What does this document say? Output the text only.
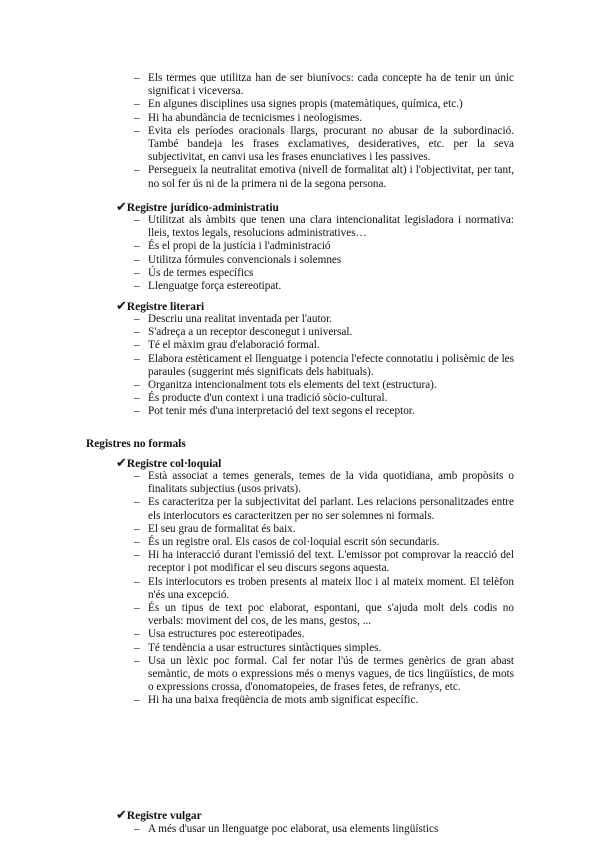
– Els termes que utilitza han de ser biunívocs: cada concepte ha de tenir un únic significat i viceversa.
– En algunes disciplines usa signes propis (matemàtiques, química, etc.)
– Hi ha abundància de tecnicismes i neologismes.
– Evita els períodes oracionals llargs, procurant no abusar de la subordinació. També bandeja les frases exclamatives, desideratives, etc. per la seva subjectivitat, en canvi usa les frases enunciatives i les passives.
– Persegueix la neutralitat emotiva (nivell de formalitat alt) i l'objectivitat, per tant, no sol fer ús ni de la primera ni de la segona persona.
✔Registre jurídico-administratiu
– Utilitzat als àmbits que tenen una clara intencionalitat legisladora i normativa: lleis, textos legals, resolucions administratives…
– És el propi de la justícia i l'administració
– Utilitza fórmules convencionals i solemnes
– Ús de termes específics
– Llenguatge força estereotipat.
✔Registre literari
– Descriu una realitat inventada per l'autor.
– S'adreça a un receptor desconegut i universal.
– Té el màxim grau d'elaboració formal.
– Elabora estèticament el llenguatge i potencia l'efecte connotatiu i polisèmic de les paraules (suggerint més significats dels habituals).
– Organitza intencionalment tots els elements del text (estructura).
– És producte d'un context i una tradició sòcio-cultural.
– Pot tenir més d'una interpretació del text segons el receptor.
Registres no formals
✔Registre col·loquial
– Està associat a temes generals, temes de la vida quotidiana, amb propòsits o finalitats subjectius (usos privats).
– Es caracteritza per la subjectivitat del parlant. Les relacions personalitzades entre els interlocutors es caracteritzen per no ser solemnes ni formals.
– El seu grau de formalitat és baix.
– És un registre oral. Els casos de col·loquial escrit són secundaris.
– Hi ha interacció durant l'emissió del text. L'emissor pot comprovar la reacció del receptor i pot modificar el seu discurs segons aquesta.
– Els interlocutors es troben presents al mateix lloc i al mateix moment. El telèfon n'és una excepció.
– És un tipus de text poc elaborat, espontani, que s'ajuda molt dels codis no verbals: moviment del cos, de les mans, gestos, ...
– Usa estructures poc estereotipades.
– Té tendència a usar estructures sintàctiques simples.
– Usa un lèxic poc formal. Cal fer notar l'ús de termes genèrics de gran abast semàntic, de mots o expressions més o menys vagues, de tics lingüístics, de mots o expressions crossa, d'onomatopeies, de frases fetes, de refranys, etc.
– Hi ha una baixa freqüència de mots amb significat específic.
✔Registre vulgar
– A més d'usar un llenguatge poc elaborat, usa elements lingüístics
